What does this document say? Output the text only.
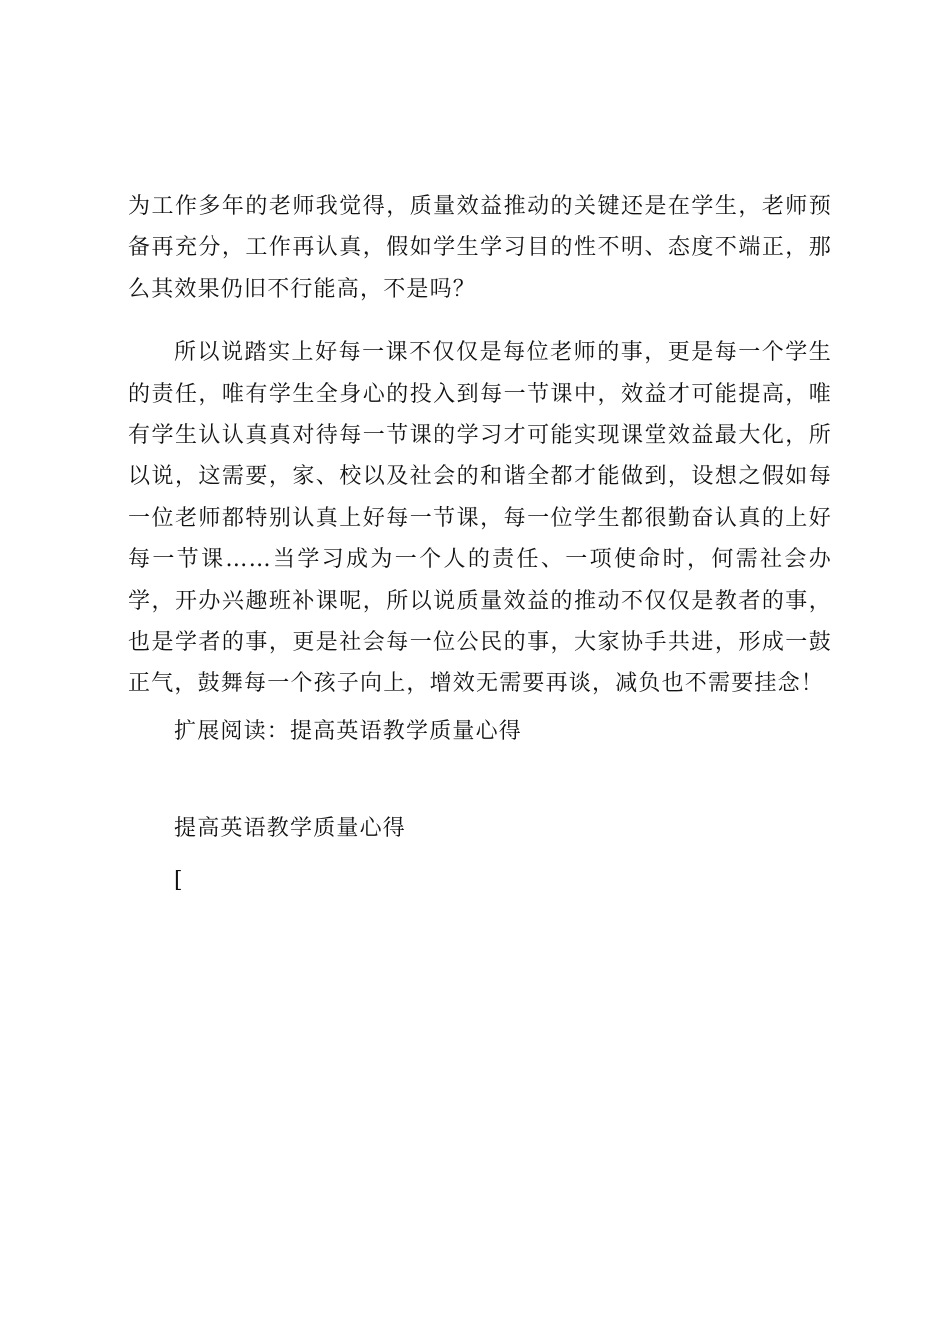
为工作多年的老师我觉得，质量效益推动的关键还是在学生，老师预备再充分，工作再认真，假如学生学习目的性不明、态度不端正，那么其效果仍旧不行能高，不是吗？

所以说踏实上好每一课不仅仅是每位老师的事，更是每一个学生的责任，唯有学生全身心的投入到每一节课中，效益才可能提高，唯有学生认认真真对待每一节课的学习才可能实现课堂效益最大化，所以说，这需要，家、校以及社会的和谐全都才能做到，设想之假如每一位老师都特别认真上好每一节课，每一位学生都很勤奋认真的上好每一节课……当学习成为一个人的责任、一项使命时，何需社会办学，开办兴趣班补课呢，所以说质量效益的推动不仅仅是教者的事，也是学者的事，更是社会每一位公民的事，大家协手共进，形成一鼓正气，鼓舞每一个孩子向上，增效无需要再谈，减负也不需要挂念！

扩展阅读：提高英语教学质量心得

提高英语教学质量心得

[
